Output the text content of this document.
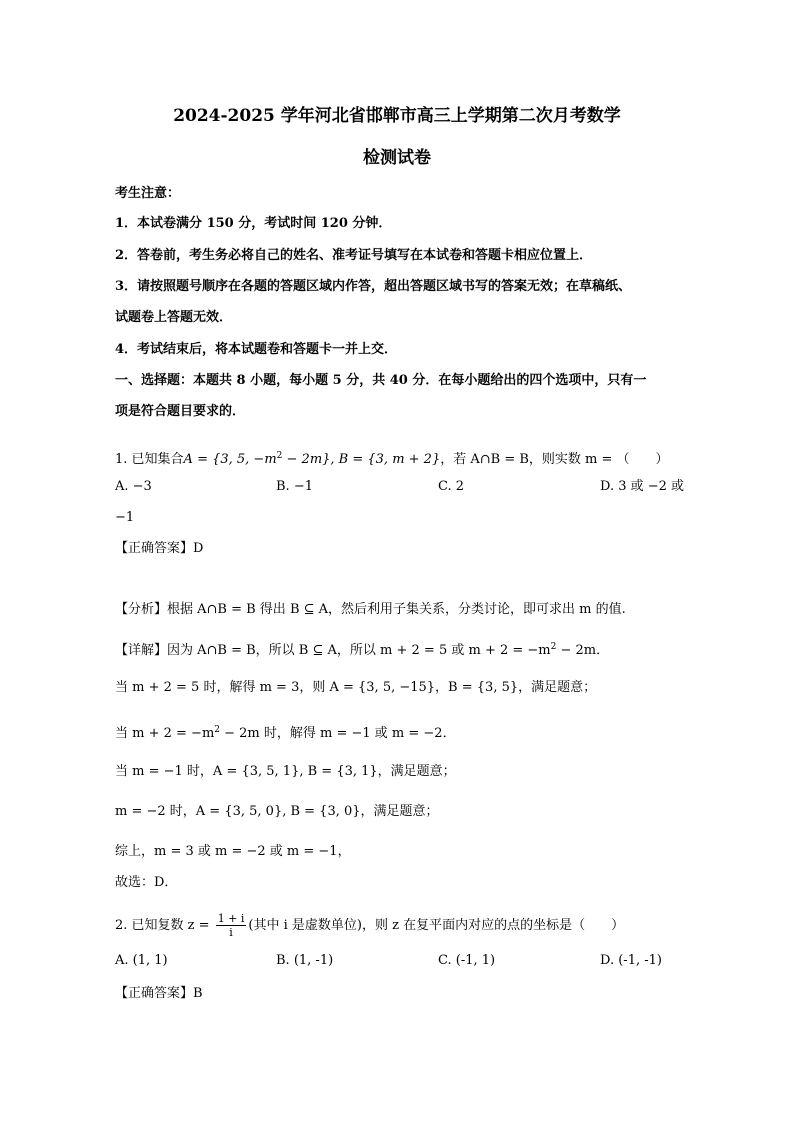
2024-2025 学年河北省邯郸市高三上学期第二次月考数学
检测试卷
考生注意：
1．本试卷满分 150 分，考试时间 120 分钟．
2．答卷前，考生务必将自己的姓名、准考证号填写在本试卷和答题卡相应位置上．
3．请按照题号顺序在各题的答题区域内作答，超出答题区域书写的答案无效；在草稿纸、
试题卷上答题无效．
4．考试结束后，将本试题卷和答题卡一并上交．
一、选择题：本题共 8 小题，每小题 5 分，共 40 分．在每小题给出的四个选项中，只有一
项是符合题目要求的．
1. 已知集合A = {3, 5, $-m^2 - 2m$}, B = {3, m + 2}，若 A∩B = B，则实数 m = （　　）
A. −3	B. −1	C. 2	D. 3 或 −2 或
−1
【正确答案】D
【分析】根据 A∩B = B 得出 B ⊆ A，然后利用子集关系，分类讨论，即可求出 m 的值.
【详解】因为 A∩B = B，所以 B ⊆ A，所以 m + 2 = 5 或 $m + 2 = -m^2 - 2m$．
当 m + 2 = 5 时，解得 m = 3，则 A = {3, 5, −15}，B = {3, 5}，满足题意；
当 $m + 2 = -m^2 - 2m$ 时，解得 m = −1 或 m = −2．
当 m = −1 时，A = {3, 5, 1}, B = {3, 1}，满足题意；
m = −2 时，A = {3, 5, 0}, B = {3, 0}，满足题意；
综上，m = 3 或 m = −2 或 m = −1，
故选：D．
2. 已知复数 $z = \frac{1 + i}{i}$ (其中 i 是虚数单位)，则 z 在复平面内对应的点的坐标是（　　）
A. (1, 1)	B. (1, -1)	C. (-1, 1)	D. (-1, -1)
【正确答案】B
